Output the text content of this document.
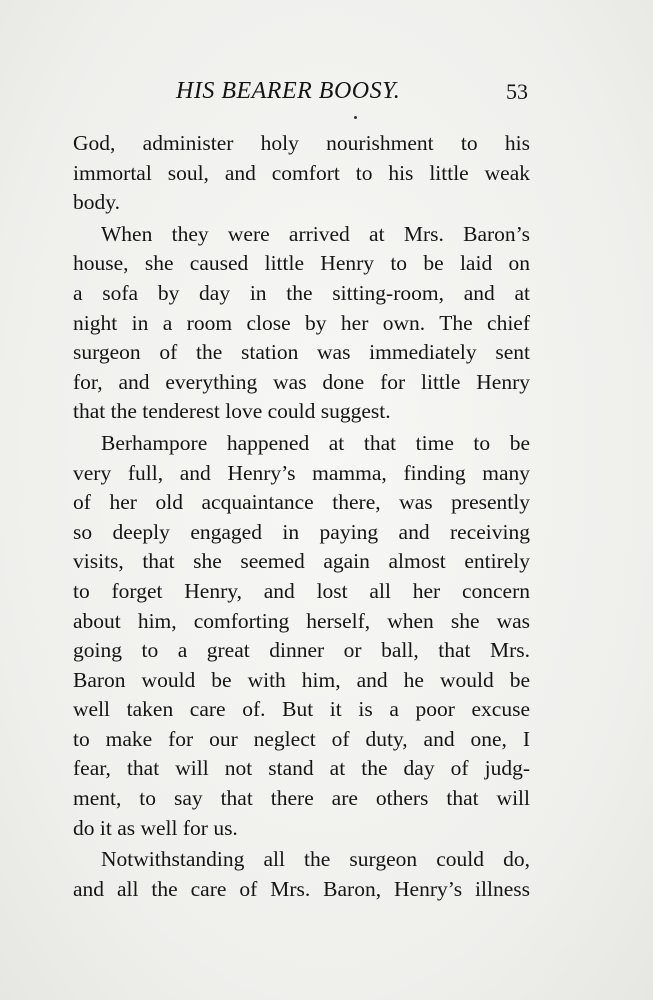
HIS BEARER BOOSY.	53
God, administer holy nourishment to his
immortal soul, and comfort to his little weak
body.
When they were arrived at Mrs. Baron’s
house, she caused little Henry to be laid on
a sofa by day in the sitting-room, and at
night in a room close by her own. The chief
surgeon of the station was immediately sent
for, and everything was done for little Henry
that the tenderest love could suggest.
Berhampore happened at that time to be
very full, and Henry’s mamma, finding many
of her old acquaintance there, was presently
so deeply engaged in paying and receiving
visits, that she seemed again almost entirely
to forget Henry, and lost all her concern
about him, comforting herself, when she was
going to a great dinner or ball, that Mrs.
Baron would be with him, and he would be
well taken care of. But it is a poor excuse
to make for our neglect of duty, and one, I
fear, that will not stand at the day of judg-
ment, to say that there are others that will
do it as well for us.
Notwithstanding all the surgeon could do,
and all the care of Mrs. Baron, Henry’s illness
